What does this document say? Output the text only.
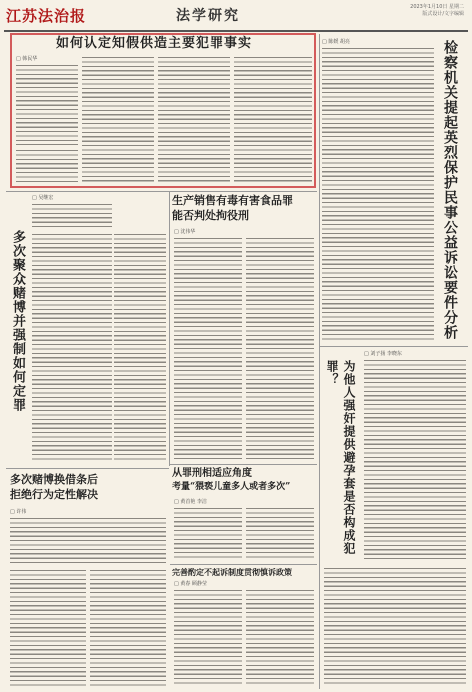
江苏法治报	法学研究
2023年1月10日 星期二
版式设计/文字编辑
如何认定知假供造主要犯罪事实
□ 韩民华	检察机关提起英烈保护民事公益诉讼要件分析
□ 陈媛 胡亮
□ 吴继宏
多次聚众赌博并强制如何定罪
生产销售有毒有害食品罪
能否判处拘役刑
□ 沈伟华
多次赌博换借条后
拒绝行为定性解决
□ 许伟
从罪刑相适应角度
考量“猥亵儿童多人或者多次”
□ 黄首艳 李洁
完善酌定不起诉制度贯彻慎诉政策
□ 黄春 顾静莹
□ 刘子扬 李晓东
为他人强奸提供避孕套是否构成犯罪？
